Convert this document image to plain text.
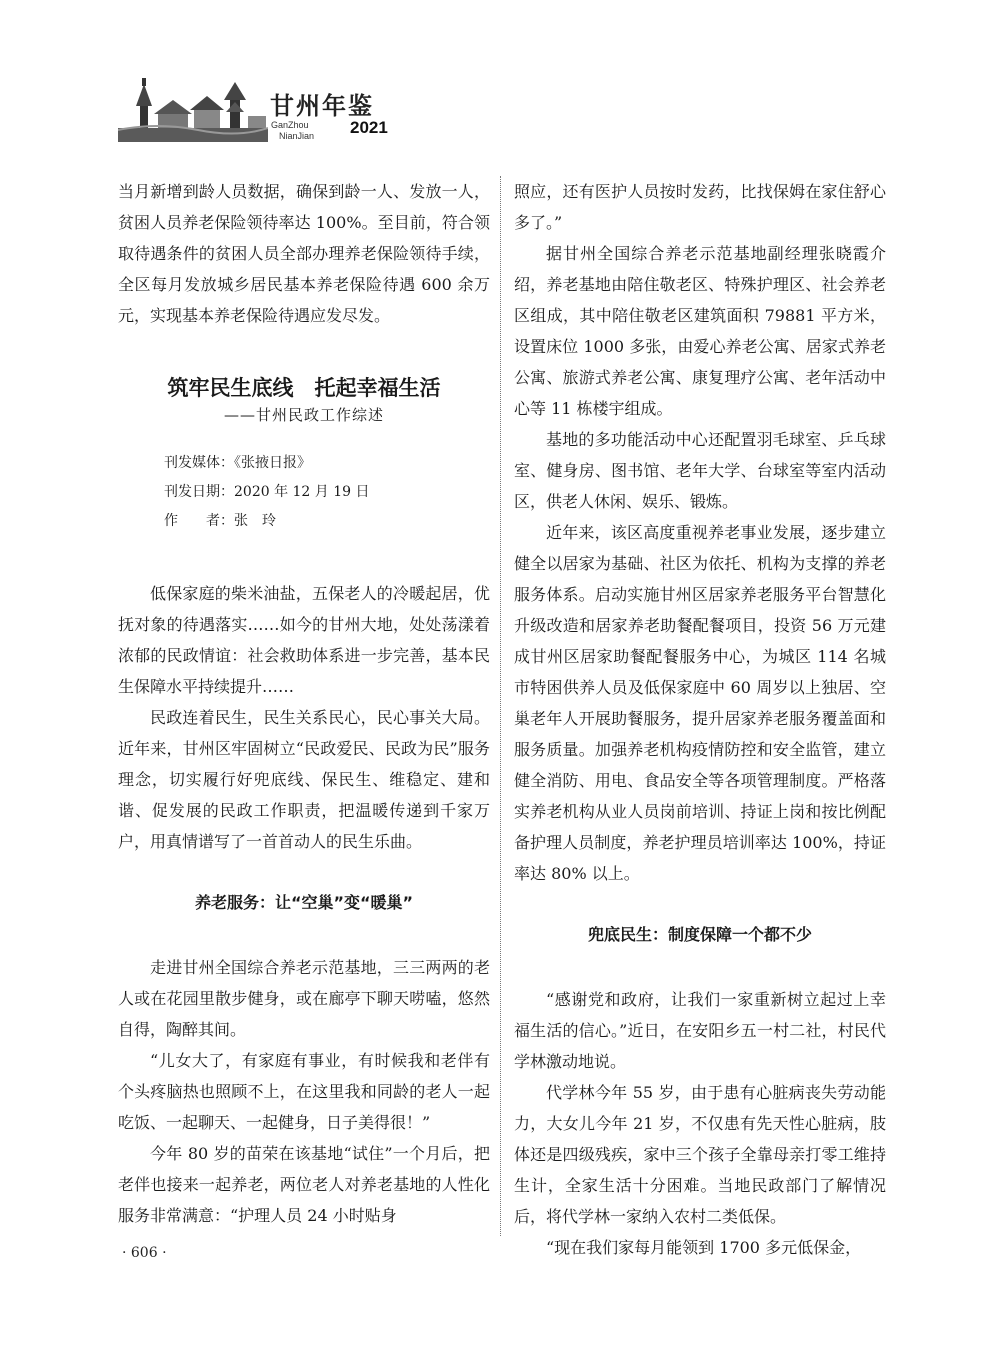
甘州年鉴
GanZhou
NianJian 2021

当月新增到龄人员数据，确保到龄一人、发放一人，贫困人员养老保险领待率达 100%。至目前，符合领取待遇条件的贫困人员全部办理养老保险领待手续，全区每月发放城乡居民基本养老保险待遇 600 余万元，实现基本养老保险待遇应发尽发。

筑牢民生底线　托起幸福生活
——甘州民政工作综述
刊发媒体：《张掖日报》
刊发日期：2020 年 12 月 19 日
作　　者：张　玲

低保家庭的柴米油盐，五保老人的冷暖起居，优抚对象的待遇落实……如今的甘州大地，处处荡漾着浓郁的民政情谊：社会救助体系进一步完善，基本民生保障水平持续提升……

民政连着民生，民生关系民心，民心事关大局。近年来，甘州区牢固树立“民政爱民、民政为民”服务理念，切实履行好兜底线、保民生、维稳定、建和谐、促发展的民政工作职责，把温暖传递到千家万户，用真情谱写了一首首动人的民生乐曲。

养老服务：让“空巢”变“暖巢”

走进甘州全国综合养老示范基地，三三两两的老人或在花园里散步健身，或在廊亭下聊天唠嗑，悠然自得，陶醉其间。

“儿女大了，有家庭有事业，有时候我和老伴有个头疼脑热也照顾不上，在这里我和同龄的老人一起吃饭、一起聊天、一起健身，日子美得很！”

今年 80 岁的苗荣在该基地“试住”一个月后，把老伴也接来一起养老，两位老人对养老基地的人性化服务非常满意：“护理人员 24 小时贴身

照应，还有医护人员按时发药，比找保姆在家住舒心多了。”

据甘州全国综合养老示范基地副经理张晓霞介绍，养老基地由陪住敬老区、特殊护理区、社会养老区组成，其中陪住敬老区建筑面积 79881 平方米，设置床位 1000 多张，由爱心养老公寓、居家式养老公寓、旅游式养老公寓、康复理疗公寓、老年活动中心等 11 栋楼宇组成。

基地的多功能活动中心还配置羽毛球室、乒乓球室、健身房、图书馆、老年大学、台球室等室内活动区，供老人休闲、娱乐、锻炼。

近年来，该区高度重视养老事业发展，逐步建立健全以居家为基础、社区为依托、机构为支撑的养老服务体系。启动实施甘州区居家养老服务平台智慧化升级改造和居家养老助餐配餐项目，投资 56 万元建成甘州区居家助餐配餐服务中心，为城区 114 名城市特困供养人员及低保家庭中 60 周岁以上独居、空巢老年人开展助餐服务，提升居家养老服务覆盖面和服务质量。加强养老机构疫情防控和安全监管，建立健全消防、用电、食品安全等各项管理制度。严格落实养老机构从业人员岗前培训、持证上岗和按比例配备护理人员制度，养老护理员培训率达 100%，持证率达 80% 以上。

兜底民生：制度保障一个都不少

“感谢党和政府，让我们一家重新树立起过上幸福生活的信心。”近日，在安阳乡五一村二社，村民代学林激动地说。

代学林今年 55 岁，由于患有心脏病丧失劳动能力，大女儿今年 21 岁，不仅患有先天性心脏病，肢体还是四级残疾，家中三个孩子全靠母亲打零工维持生计，全家生活十分困难。当地民政部门了解情况后，将代学林一家纳入农村二类低保。

“现在我们家每月能领到 1700 多元低保金，

· 606 ·
